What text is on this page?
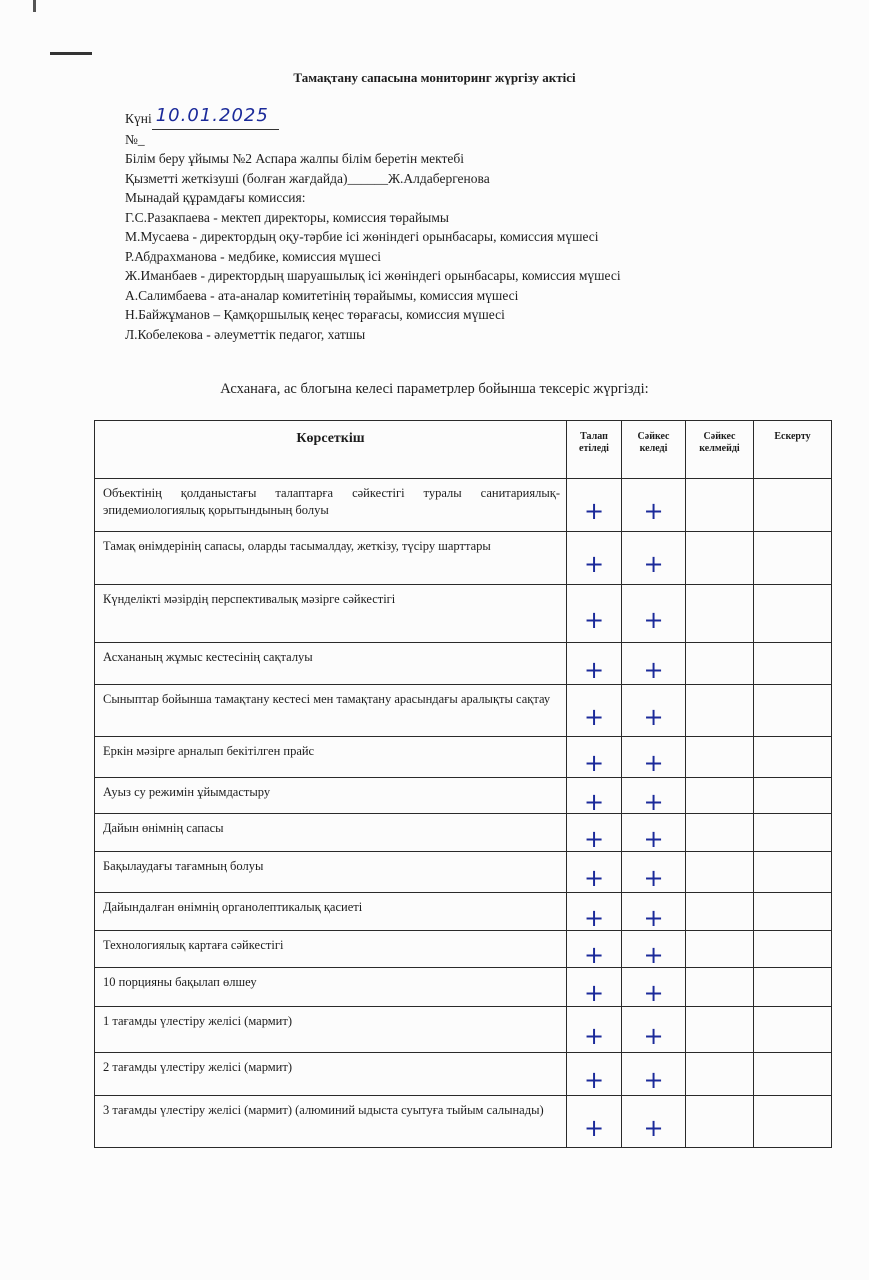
Тамақтану сапасына мониторинг жүргізу актісі
Күні 10.01.2025
№_
Білім беру ұйымы №2 Аспара жалпы білім беретін мектебі
Қызметті жеткізуші (болған жағдайда)______Ж.Алдабергенова
Мынадай құрамдағы комиссия:
Г.С.Разакпаева - мектеп директоры, комиссия төрайымы
М.Мусаева - директордың оқу-тәрбие ісі жөніндегі орынбасары, комиссия мүшесі
Р.Абдрахманова - медбике, комиссия мүшесі
Ж.Иманбаев - директордың шаруашылық ісі жөніндегі орынбасары, комиссия мүшесі
А.Салимбаева - ата-аналар комитетінің төрайымы, комиссия мүшесі
Н.Байжұманов – Қамқоршылық кеңес төрағасы, комиссия мүшесі
Л.Кобелекова - әлеуметтік педагог, хатшы
Асханаға, ас блогына келесі параметрлер бойынша тексеріс жүргізді:
Көрсеткіш	Талап етіледі	Сәйкес келеді	Сәйкес келмейді	Ескерту
Объектінің қолданыстағы талаптарға сәйкестігі туралы санитариялық-эпидемиологиялық қорытындының болуы	+	+		
Тамақ өнімдерінің сапасы, оларды тасымалдау, жеткізу, түсіру шарттары	+	+		
Күнделікті мәзірдің перспективалық мәзірге сәйкестігі	+	+		
Асхананың жұмыс кестесінің сақталуы	+	+		
Сыныптар бойынша тамақтану кестесі мен тамақтану арасындағы аралықты сақтау	+	+		
Еркін мәзірге арналып бекітілген прайс	+	+		
Ауыз су режимін ұйымдастыру	+	+		
Дайын өнімнің сапасы	+	+		
Бақылаудағы тағамның болуы	+	+		
Дайындалған өнімнің органолептикалық қасиеті	+	+		
Технологиялық картаға сәйкестігі	+	+		
10 порцияны бақылап өлшеу	+	+		
1 тағамды үлестіру желісі (мармит)	+	+		
2 тағамды үлестіру желісі (мармит)	+	+		
3 тағамды үлестіру желісі (мармит) (алюминий ыдыста суытуға тыйым салынады)	+	+		
